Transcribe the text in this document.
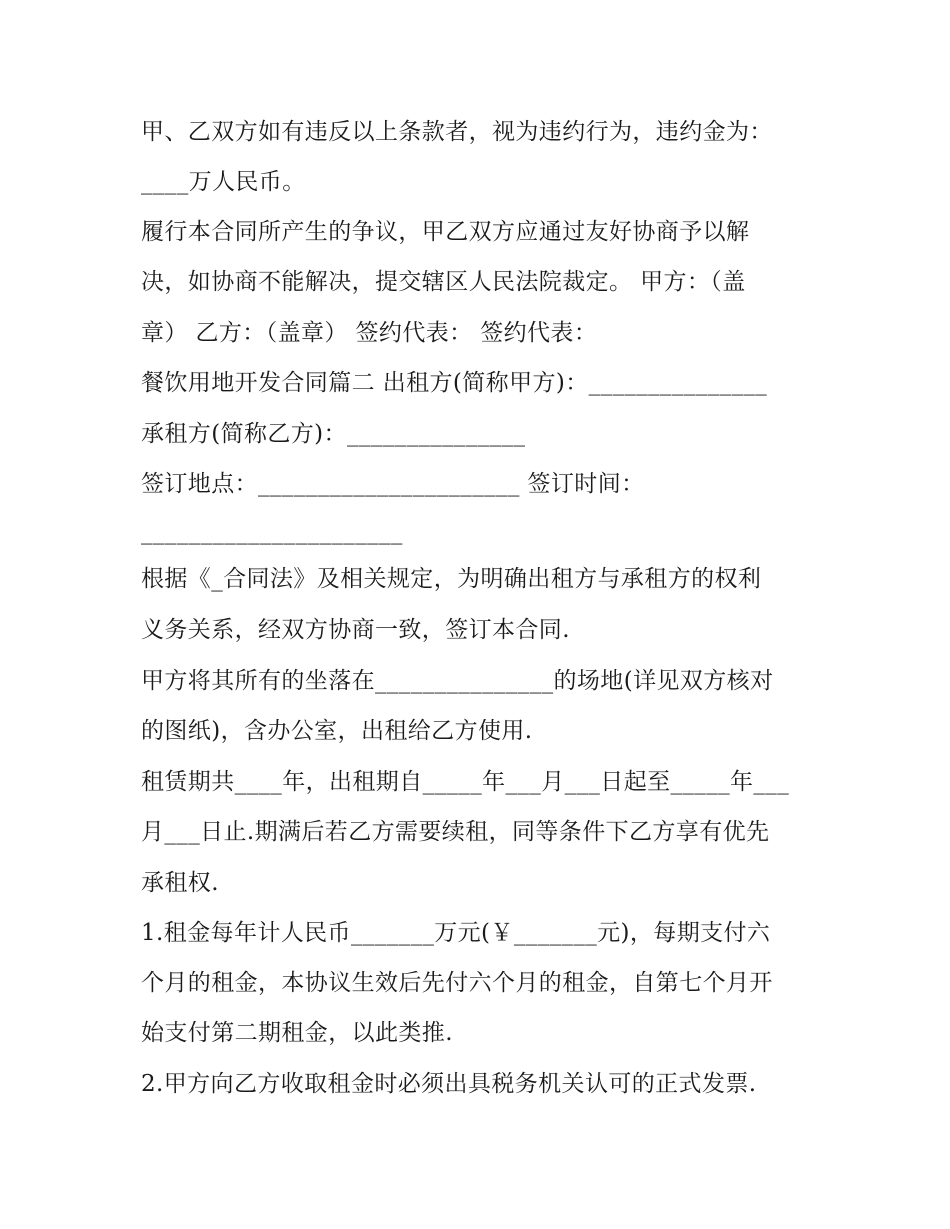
甲、乙双方如有违反以上条款者，视为违约行为，违约金为：
____万人民币。
履行本合同所产生的争议，甲乙双方应通过友好协商予以解
决，如协商不能解决，提交辖区人民法院裁定。 甲方：（盖
章） 乙方：（盖章） 签约代表： 签约代表：
餐饮用地开发合同篇二 出租方(简称甲方)：_______________
承租方(简称乙方)：_______________
签订地点：______________________ 签订时间：
______________________
根据《_合同法》及相关规定，为明确出租方与承租方的权利
义务关系，经双方协商一致，签订本合同.
甲方将其所有的坐落在_______________的场地(详见双方核对
的图纸)，含办公室，出租给乙方使用.
租赁期共____年，出租期自_____年___月___日起至_____年___
月___日止.期满后若乙方需要续租，同等条件下乙方享有优先
承租权.
1.租金每年计人民币_______万元(￥_______元)，每期支付六
个月的租金，本协议生效后先付六个月的租金，自第七个月开
始支付第二期租金，以此类推.
2.甲方向乙方收取租金时必须出具税务机关认可的正式发票.
